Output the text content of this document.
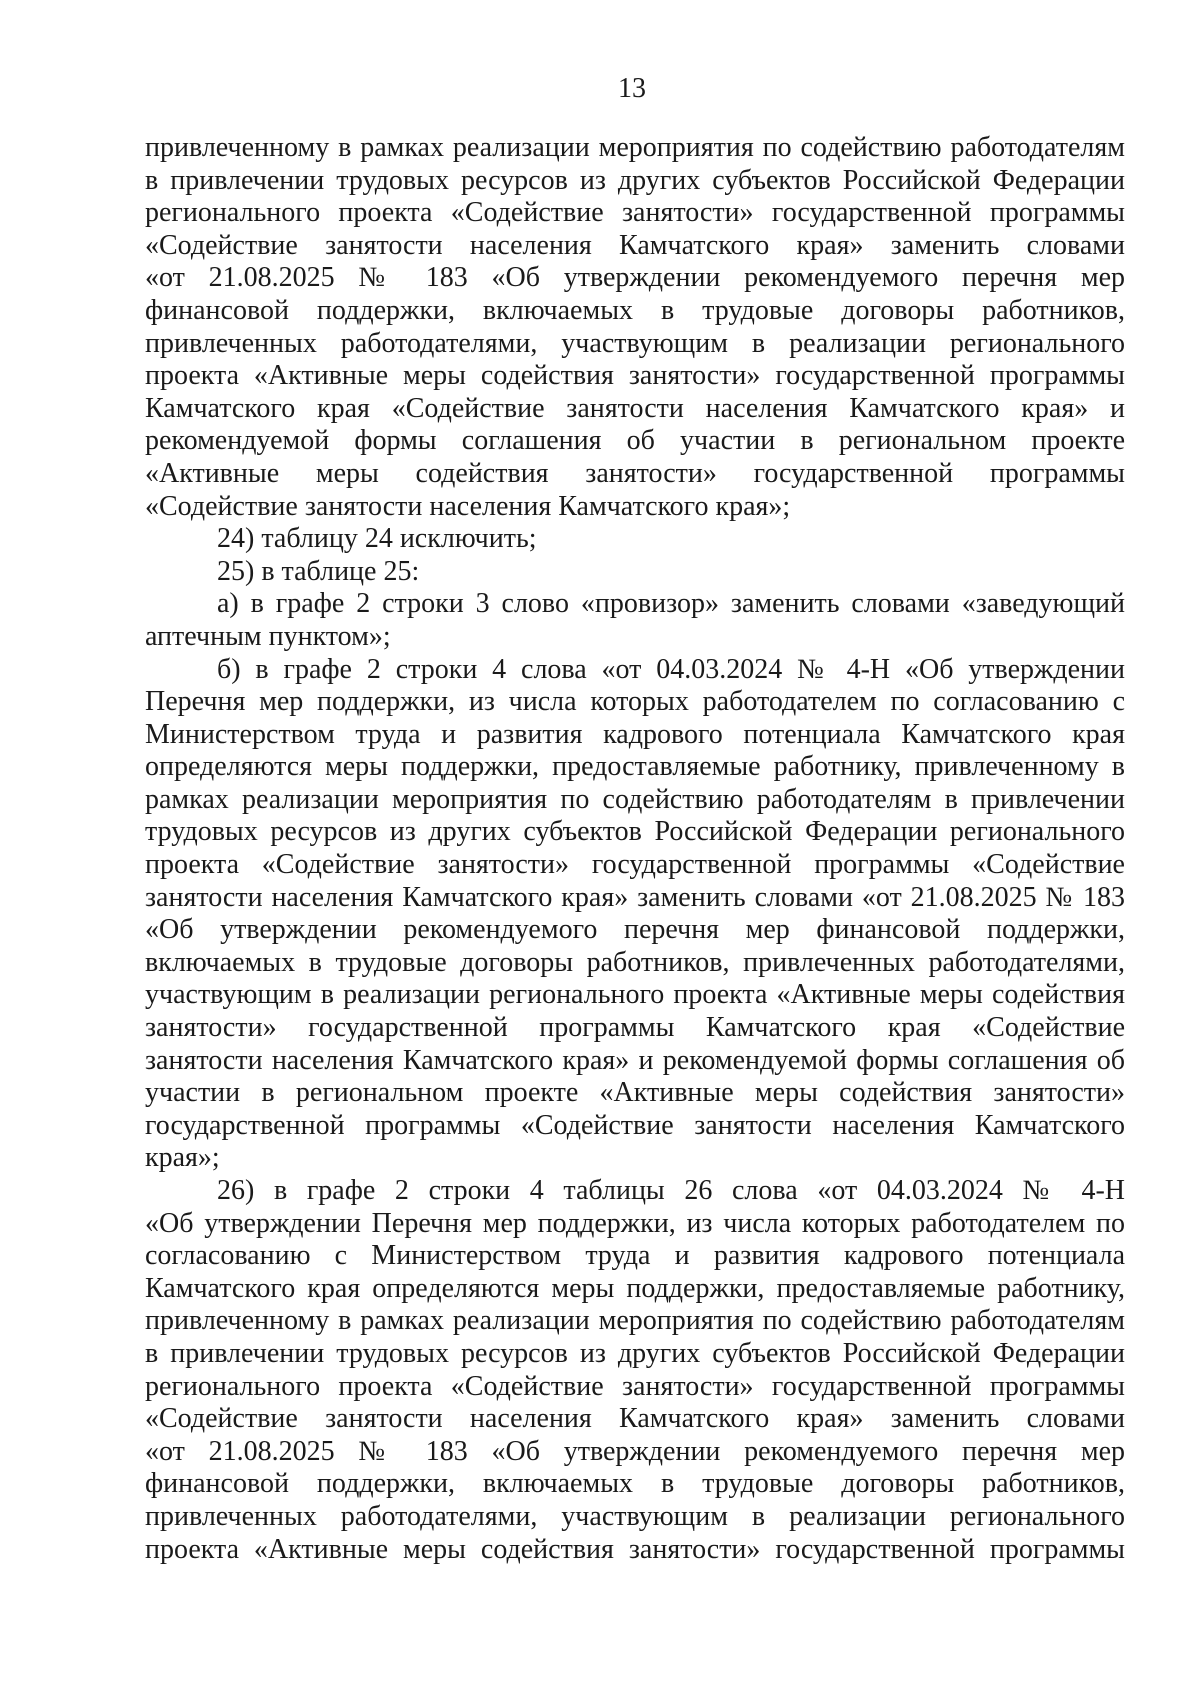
13
привлеченному в рамках реализации мероприятия по содействию работодателям
в привлечении трудовых ресурсов из других субъектов Российской Федерации
регионального проекта «Содействие занятости» государственной программы
«Содействие занятости населения Камчатского края» заменить словами
«от 21.08.2025 № 183 «Об утверждении рекомендуемого перечня мер
финансовой поддержки, включаемых в трудовые договоры работников,
привлеченных работодателями, участвующим в реализации регионального
проекта «Активные меры содействия занятости» государственной программы
Камчатского края «Содействие занятости населения Камчатского края» и
рекомендуемой формы соглашения об участии в региональном проекте
«Активные меры содействия занятости» государственной программы
«Содействие занятости населения Камчатского края»;
24) таблицу 24 исключить;
25) в таблице 25:
а) в графе 2 строки 3 слово «провизор» заменить словами «заведующий
аптечным пунктом»;
б) в графе 2 строки 4 слова «от 04.03.2024 № 4-Н «Об утверждении
Перечня мер поддержки, из числа которых работодателем по согласованию с
Министерством труда и развития кадрового потенциала Камчатского края
определяются меры поддержки, предоставляемые работнику, привлеченному в
рамках реализации мероприятия по содействию работодателям в привлечении
трудовых ресурсов из других субъектов Российской Федерации регионального
проекта «Содействие занятости» государственной программы «Содействие
занятости населения Камчатского края» заменить словами «от 21.08.2025 № 183
«Об утверждении рекомендуемого перечня мер финансовой поддержки,
включаемых в трудовые договоры работников, привлеченных работодателями,
участвующим в реализации регионального проекта «Активные меры содействия
занятости» государственной программы Камчатского края «Содействие
занятости населения Камчатского края» и рекомендуемой формы соглашения об
участии в региональном проекте «Активные меры содействия занятости»
государственной программы «Содействие занятости населения Камчатского
края»;
26) в графе 2 строки 4 таблицы 26 слова «от 04.03.2024 № 4-Н
«Об утверждении Перечня мер поддержки, из числа которых работодателем по
согласованию с Министерством труда и развития кадрового потенциала
Камчатского края определяются меры поддержки, предоставляемые работнику,
привлеченному в рамках реализации мероприятия по содействию работодателям
в привлечении трудовых ресурсов из других субъектов Российской Федерации
регионального проекта «Содействие занятости» государственной программы
«Содействие занятости населения Камчатского края» заменить словами
«от 21.08.2025 № 183 «Об утверждении рекомендуемого перечня мер
финансовой поддержки, включаемых в трудовые договоры работников,
привлеченных работодателями, участвующим в реализации регионального
проекта «Активные меры содействия занятости» государственной программы
